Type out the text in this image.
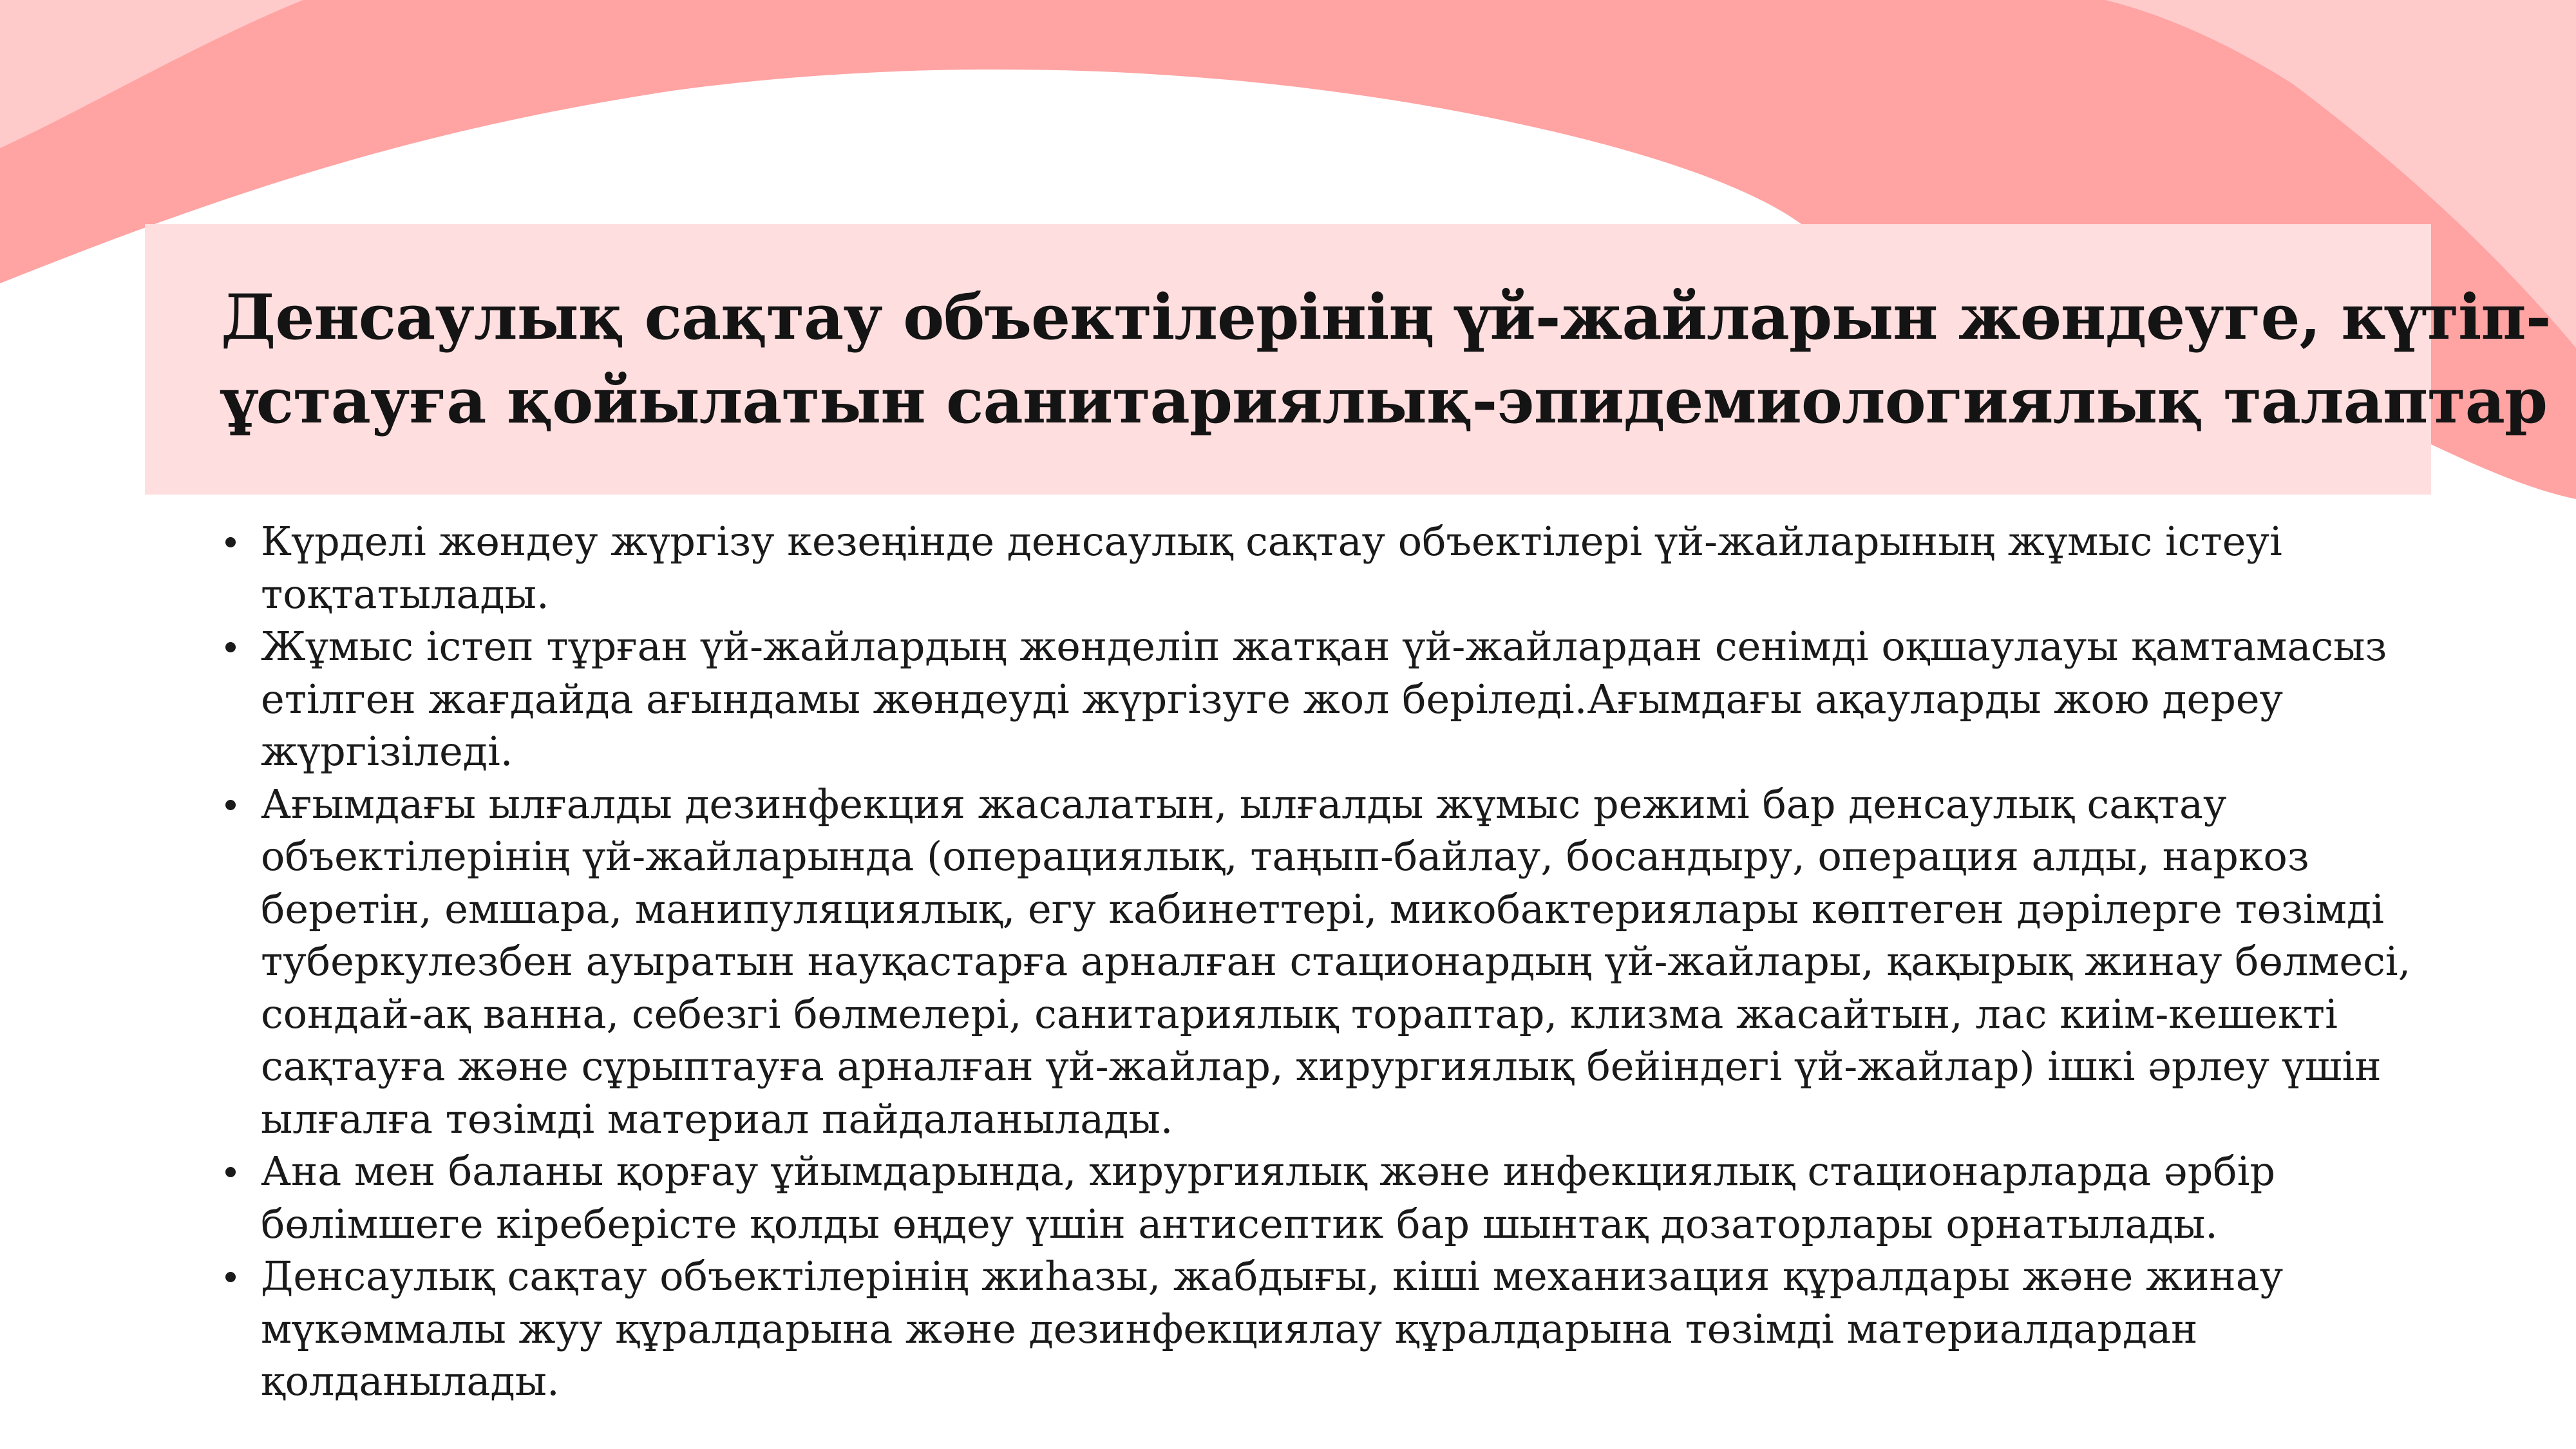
Денсаулық сақтау объектілерінің үй-жайларын жөндеуге, күтіп-
ұстауға қойылатын санитариялық-эпидемиологиялық талаптар
Күрделі жөндеу жүргізу кезеңінде денсаулық сақтау объектілері үй-жайларының жұмыс істеуі
тоқтатылады.
Жұмыс істеп тұрған үй-жайлардың жөнделіп жатқан үй-жайлардан сенімді оқшаулауы қамтамасыз
етілген жағдайда ағындамы жөндеуді жүргізуге жол беріледі.Ағымдағы ақауларды жою дереу
жүргізіледі.
Ағымдағы ылғалды дезинфекция жасалатын, ылғалды жұмыс режимі бар денсаулық сақтау
объектілерінің үй-жайларында (операциялық, таңып-байлау, босандыру, операция алды, наркоз
беретін, емшара, манипуляциялық, егу кабинеттері, микобактериялары көптеген дәрілерге төзімді
туберкулезбен ауыратын науқастарға арналған стационардың үй-жайлары, қақырық жинау бөлмесі,
сондай-ақ ванна, себезгі бөлмелері, санитариялық тораптар, клизма жасайтын, лас киім-кешекті
сақтауға және сұрыптауға арналған үй-жайлар, хирургиялық бейіндегі үй-жайлар) ішкі әрлеу үшін
ылғалға төзімді материал пайдаланылады.
Ана мен баланы қорғау ұйымдарында, хирургиялық және инфекциялық стационарларда әрбір
бөлімшеге кіреберісте қолды өңдеу үшін антисептик бар шынтақ дозаторлары орнатылады.
Денсаулық сақтау объектілерінің жиһазы, жабдығы, кіші механизация құралдары және жинау
мүкәммалы жуу құралдарына және дезинфекциялау құралдарына төзімді материалдардан
қолданылады.
